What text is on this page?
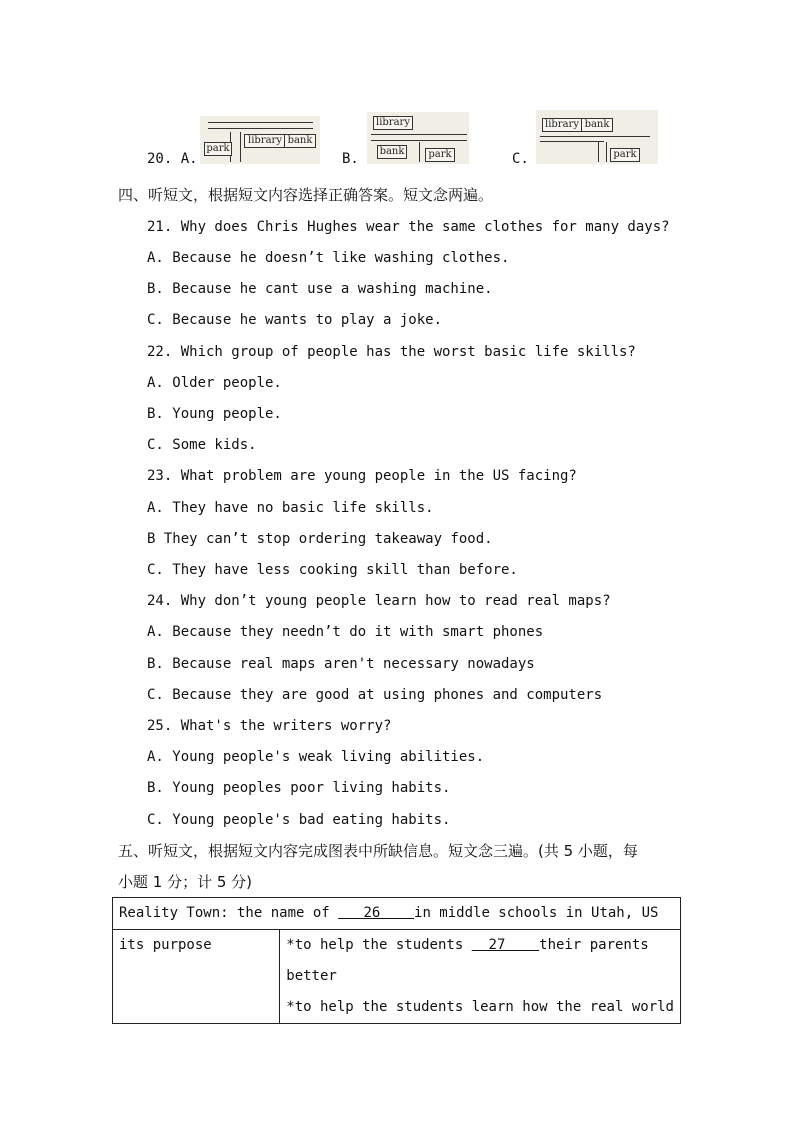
20. A.
park
library bank
B.
library
bank	park	C.
library bank
park
四、听短文，根据短文内容选择正确答案。短文念两遍。
21. Why does Chris Hughes wear the same clothes for many days?
A. Because he doesn’t like washing clothes.
B. Because he cant use a washing machine.
C. Because he wants to play a joke.
22. Which group of people has the worst basic life skills?
A. Older people.
B. Young people.
C. Some kids.
23. What problem are young people in the US facing?
A. They have no basic life skills.
B They can’t stop ordering takeaway food.
C. They have less cooking skill than before.
24. Why don’t young people learn how to read real maps?
A. Because they needn’t do it with smart phones
B. Because real maps aren't necessary nowadays
C. Because they are good at using phones and computers
25. What's the writers worry?
A. Young people's weak living abilities.
B. Young peoples poor living habits.
C. Young people's bad eating habits.
五、听短文，根据短文内容完成图表中所缺信息。短文念三遍。(共 5 小题，每
小题 1 分；计 5 分)
Reality Town: the name of    26    in middle schools in Utah, US
its purpose	*to help the students   27    their parents
better
*to help the students learn how the real world
